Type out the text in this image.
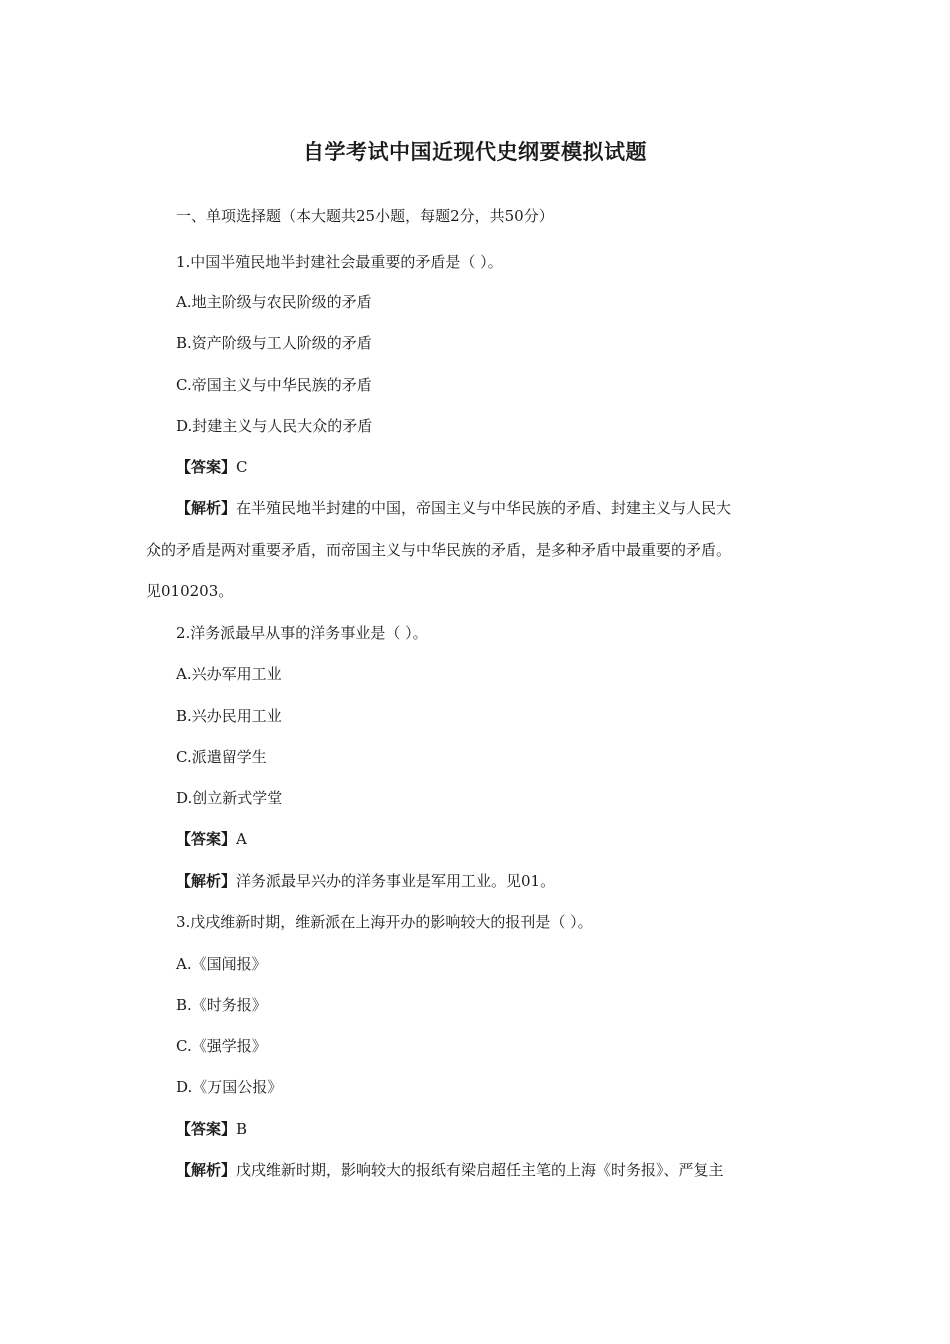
自学考试中国近现代史纲要模拟试题
一、单项选择题（本大题共25小题，每题2分，共50分）
1.中国半殖民地半封建社会最重要的矛盾是（ ）。
A.地主阶级与农民阶级的矛盾
B.资产阶级与工人阶级的矛盾
C.帝国主义与中华民族的矛盾
D.封建主义与人民大众的矛盾
【答案】C
【解析】在半殖民地半封建的中国，帝国主义与中华民族的矛盾、封建主义与人民大
众的矛盾是两对重要矛盾，而帝国主义与中华民族的矛盾，是多种矛盾中最重要的矛盾。
见010203。
2.洋务派最早从事的洋务事业是（ ）。
A.兴办军用工业
B.兴办民用工业
C.派遣留学生
D.创立新式学堂
【答案】A
【解析】洋务派最早兴办的洋务事业是军用工业。见01。
3.戊戌维新时期，维新派在上海开办的影响较大的报刊是（ ）。
A.《国闻报》
B.《时务报》
C.《强学报》
D.《万国公报》
【答案】B
【解析】戊戌维新时期，影响较大的报纸有梁启超任主笔的上海《时务报》、严复主
